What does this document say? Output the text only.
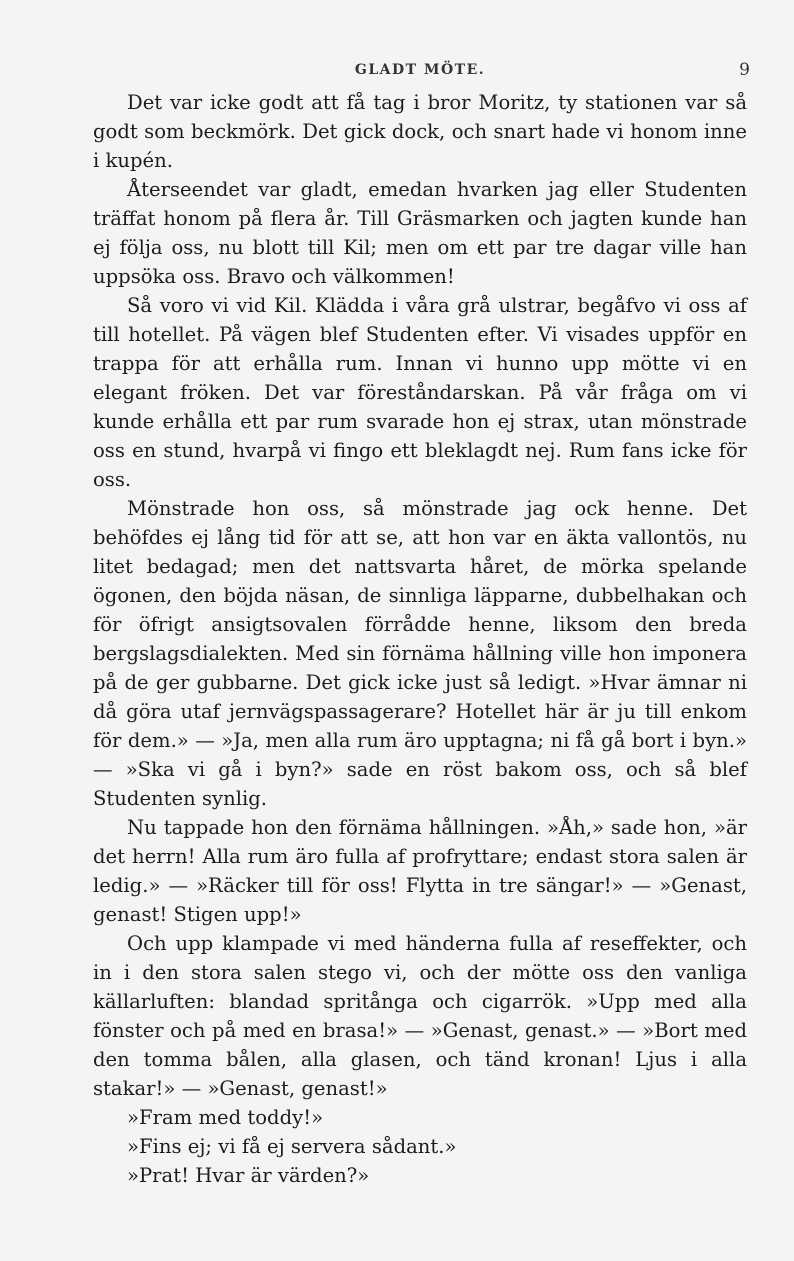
GLADT MÖTE.	9

Det var icke godt att få tag i bror Moritz, ty stationen var så godt som beckmörk. Det gick dock, och snart hade vi honom inne i kupén.

Återseendet var gladt, emedan hvarken jag eller Studenten träffat honom på flera år. Till Gräsmarken och jagten kunde han ej följa oss, nu blott till Kil; men om ett par tre dagar ville han uppsöka oss. Bravo och välkommen!

Så voro vi vid Kil. Klädda i våra grå ulstrar, begåfvo vi oss af till hotellet. På vägen blef Studenten efter. Vi visades uppför en trappa för att erhålla rum. Innan vi hunno upp mötte vi en elegant fröken. Det var föreståndarskan. På vår fråga om vi kunde erhålla ett par rum svarade hon ej strax, utan mönstrade oss en stund, hvarpå vi fingo ett bleklagdt nej. Rum fans icke för oss.

Mönstrade hon oss, så mönstrade jag ock henne. Det behöfdes ej lång tid för att se, att hon var en äkta vallontös, nu litet bedagad; men det nattsvarta håret, de mörka spelande ögonen, den böjda näsan, de sinnliga läpparne, dubbelhakan och för öfrigt ansigtsovalen förrådde henne, liksom den breda bergslagsdialekten. Med sin förnäma hållning ville hon imponera på de ger gubbarne. Det gick icke just så ledigt. »Hvar ämnar ni då göra utaf jernvägspassagerare? Hotellet här är ju till enkom för dem.» — »Ja, men alla rum äro upptagna; ni få gå bort i byn.» — »Ska vi gå i byn?» sade en röst bakom oss, och så blef Studenten synlig.

Nu tappade hon den förnäma hållningen. »Åh,» sade hon, »är det herrn! Alla rum äro fulla af profryttare; endast stora salen är ledig.» — »Räcker till för oss! Flytta in tre sängar!» — »Genast, genast! Stigen upp!»

Och upp klampade vi med händerna fulla af reseffekter, och in i den stora salen stego vi, och der mötte oss den vanliga källarluften: blandad spritånga och cigarrök. »Upp med alla fönster och på med en brasa!» — »Genast, genast.» — »Bort med den tomma bålen, alla glasen, och tänd kronan! Ljus i alla stakar!» — »Genast, genast!»

»Fram med toddy!»

»Fins ej; vi få ej servera sådant.»

»Prat! Hvar är värden?»
